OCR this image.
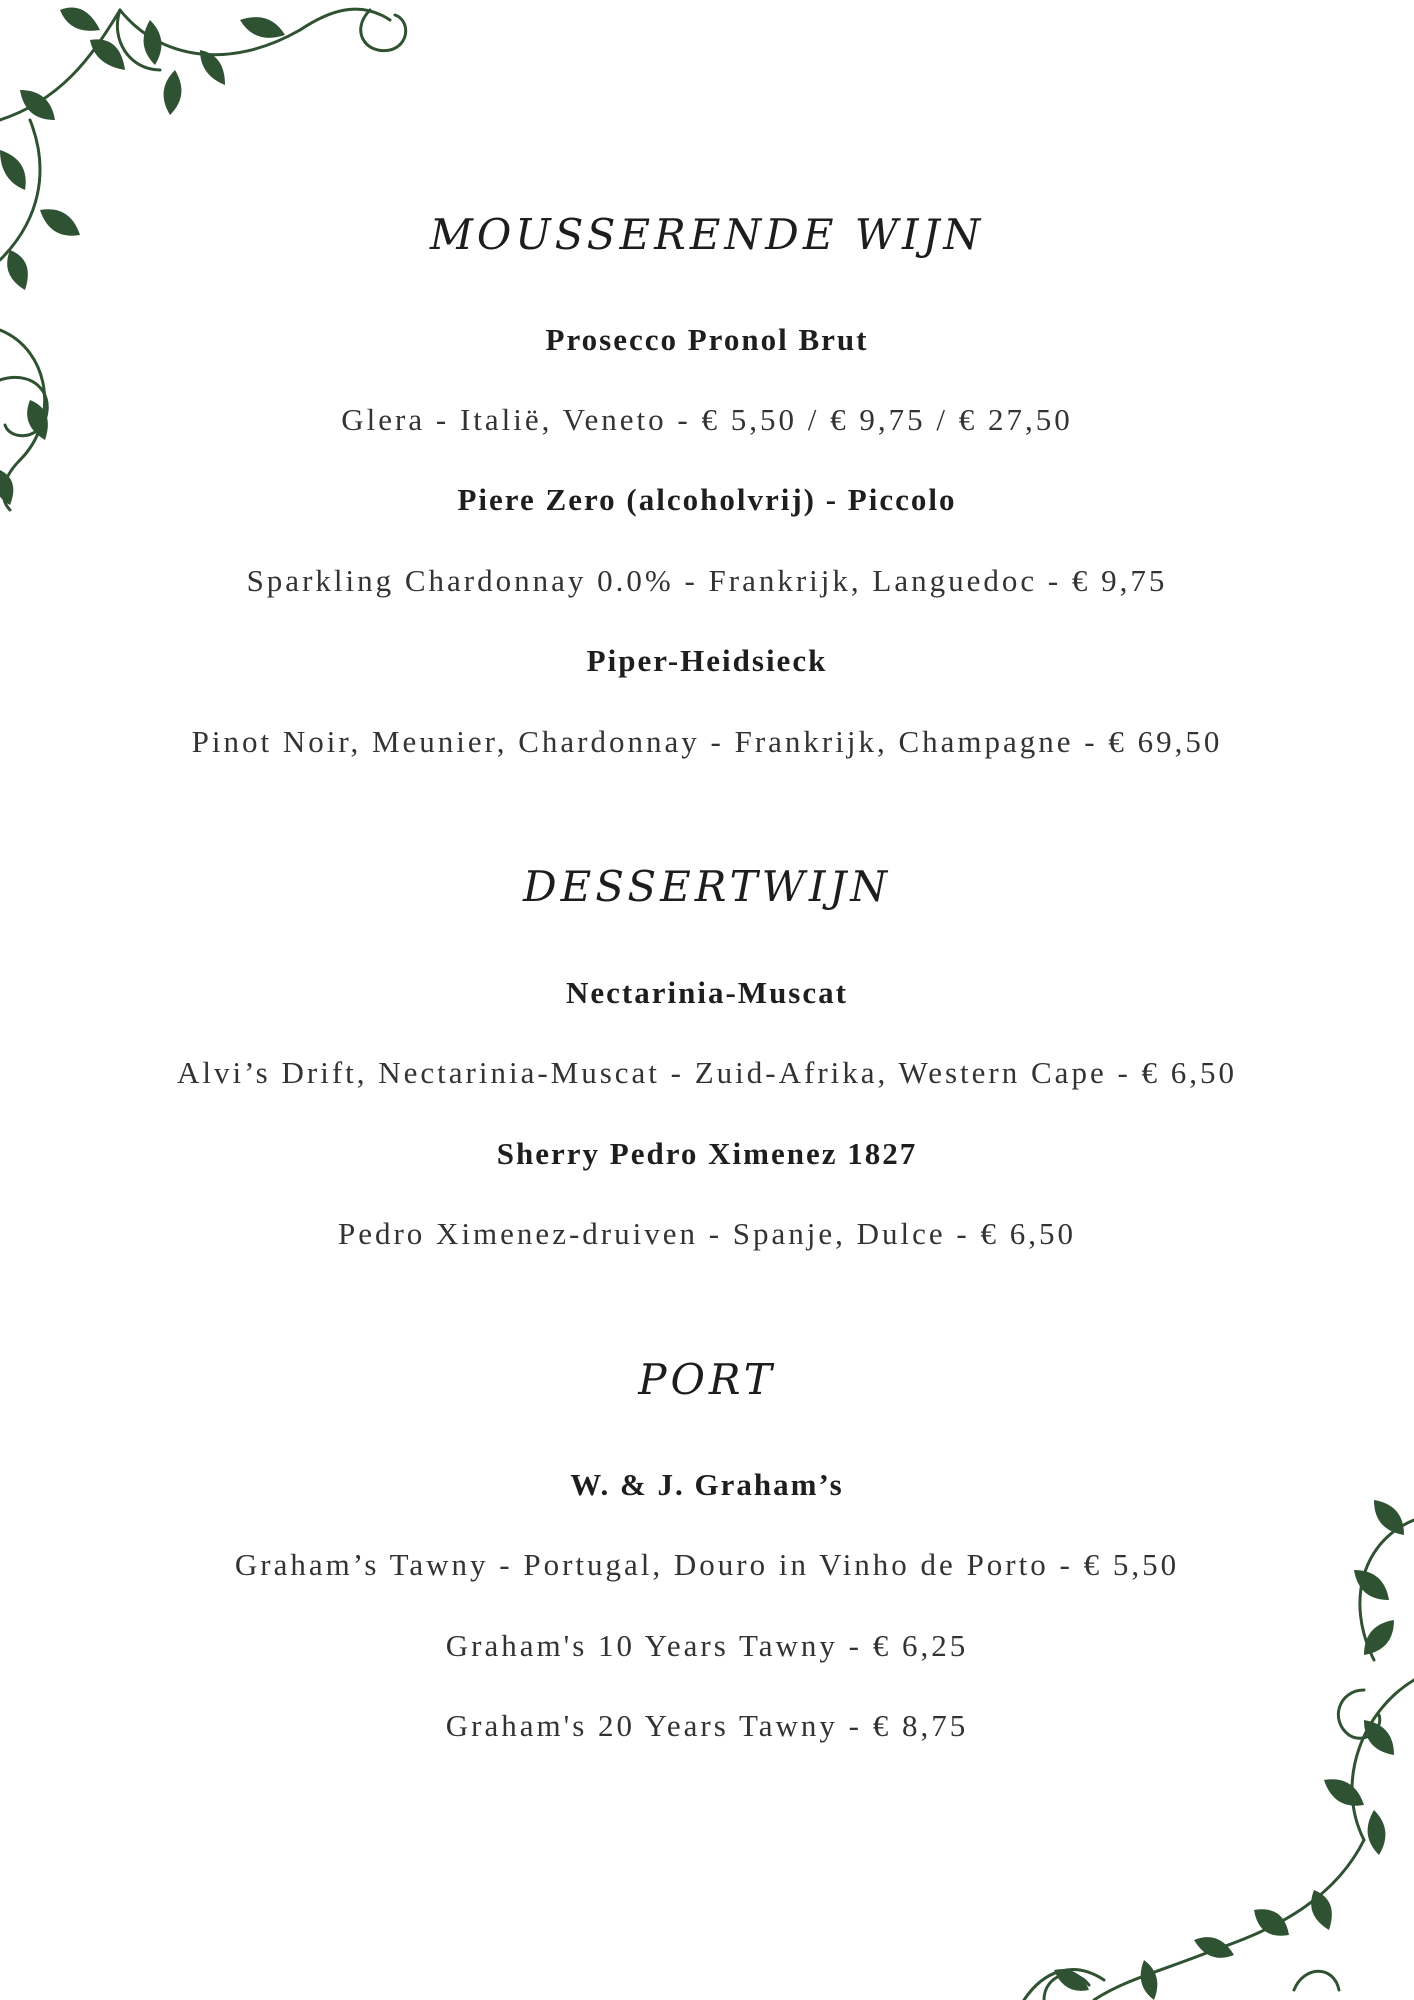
MOUSSERENDE WIJN
Prosecco Pronol Brut
Glera - Italië, Veneto - € 5,50 / € 9,75 / € 27,50
Piere Zero (alcoholvrij) - Piccolo
Sparkling Chardonnay 0.0% - Frankrijk, Languedoc - € 9,75
Piper-Heidsieck
Pinot Noir, Meunier, Chardonnay - Frankrijk, Champagne - € 69,50
DESSERTWIJN
Nectarinia-Muscat
Alvi’s Drift, Nectarinia-Muscat - Zuid-Afrika, Western Cape - € 6,50
Sherry Pedro Ximenez 1827
Pedro Ximenez-druiven - Spanje, Dulce - € 6,50
PORT
W. & J. Graham’s
Graham’s Tawny - Portugal, Douro in Vinho de Porto - € 5,50
Graham's 10 Years Tawny - € 6,25
Graham's 20 Years Tawny - € 8,75
